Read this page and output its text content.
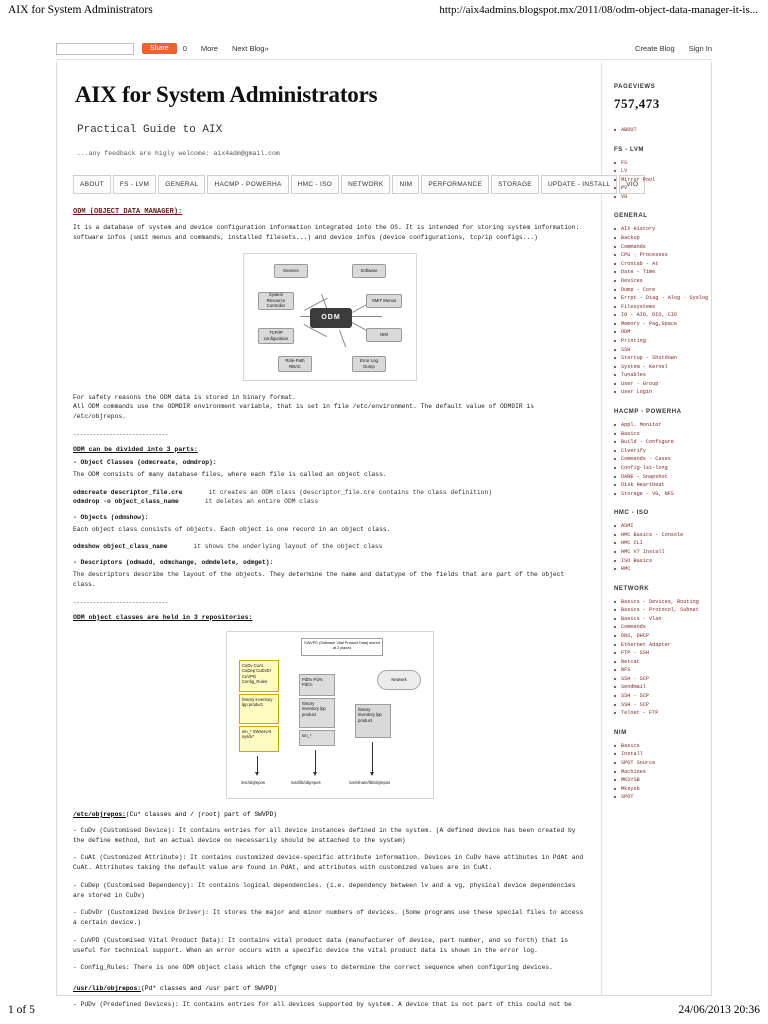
AIX for System Administrators	http://aix4admins.blogspot.mx/2011/08/odm-object-data-manager-it-is...
Share	0 More Next Blog»	Create Blog Sign In
AIX for System Administrators
Practical Guide to AIX
...any feedback are higly welcome: aix4adm@gmail.com
ABOUT	FS - LVM	GENERAL	HACMP - POWERHA	HMC - ISO	NETWORK	NIM	PERFORMANCE	STORAGE	UPDATE - INSTALL	VIO
ODM (OBJECT DATA MANAGER):

It is a database of system and device configuration information integrated into the OS. It is intended for storing system information: software infos (smit menus and commands, installed filesets...) and device infos (device configurations, tcp/ip configs...)

Devices	Software
System Resource Controller
SMIT Menus
TCP/IP configuration
NIM
Role-Path RBAC
Error Log Dump
ODM

For safety reasons the ODM data is stored in binary format.

All ODM commands use the ODMDIR environment variable, that is set in file /etc/environment. The default value of ODMDIR is /etc/objrepos.

-----------------------------
ODM can be divided into 3 parts:
- Object Classes (odmcreate, odmdrop):

The ODM consists of many database files, where each file is called an object class.

odmcreate descriptor_file.cre	it creates an ODM class (descriptor_file.cre contains the class definition)
odmdrop -o object_class_name	it deletes an entire ODM class
- Objects (odmshow):

Each object class consists of objects. Each object is one record in an object class.

odmshow object_class_name	it shows the underlying layout of the object class
- Descriptors (odmadd, odmchange, odmdelete, odmget):

The descriptors describe the layout of the objects. They determine the name and datatype of the fields that are part of the object class.

-----------------------------
ODM object classes are held in 3 repositories:
SWVPD (Software Vital Product Data) stored at 2 places
Network
CuDv CuAt CuDep CuDvDr CuVPD Config_Rules
history inventory lpp product
sm_* SWservAt sysck*
PdDv PdAt PdCn
history inventory lpp product
sm_*
history inventory lpp product
/etc/objrepos	/usr/lib/objrepos	/usr/share/lib/objrepos
/etc/objrepos:(Cu* classes and / (root) part of SWVPD)
- CuDv (Customised Device): It contains entries for all device instances defined in the system. (A defined device has been created by the define method, but an actual device no necessarily should be attached to the system)
- CuAt (Customized Attribute): It contains customized device-specific attribute information. Devices in CuDv have attibutes in PdAt and CuAt. Attributes taking the default value are found in PdAt, and attributes with customized values are in CuAt.
- CuDep (Customised Dependency): It contains logical dependencies. (i.e. dependency between lv and a vg, physical device dependencies are stored in CuDv)
- CuDvDr (Customized Device Driver): It stores the major and minor numbers of devices. (Some programs use these special files to access a certain device.)
- CuVPD (Customised Vital Product Data): It contains vital product data (manufacturer of device, part number, and so forth) that is useful for technical support. When an error occurs with a specific device the vital product data is shown in the error log.
- Config_Rules: There is one ODM object class which the cfgmgr uses to determine the correct sequence when configuring devices.
/usr/lib/objrepos:(Pd* classes and /usr part of SWVPD)
- PdDv (Predefined Devices): It contains entries for all devices supported by system. A device that is not part of this could not be
PAGEVIEWS
757,473
ABOUT
FS - LVM
FS
LV
Mirror Pool
PV
VG
GENERAL
AIX History
Backup
Commands
CPU - Processes
Crontab - At
Date - Time
Devices
Dump - Core
Errpt - Diag - Alog - Syslog
Filesystems
IO - AIO, DIO, CIO
Memory - Pag,Space
ODM
Printing
SSH
Startup - Shutdown
System - Kernel
Tunables
User - Group
User Login
HACMP - POWERHA
Appl. Monitor
Basics
Build - Configure
Clverify
Commands - Cases
Config-lst-long
DARE - Snapshot
Disk Heartbeat
Storage - VG, NFS
HMC - ISO
ASMI
HMC Basics - Console
HMC CLI
HMC V7 Install
ISO Basics
RMC
NETWORK
Basics - Devices, Routing
Basics - Protocol, Subnet
Basics - Vlan
Commands
DNS, DHCP
Ethernet Adapter
FTP - SSH
Netcat
NFS
SSH - SCP
Sendmail
SSH - SCP
SSH - SCP
Telnet - FTP
NIM
Basics
Install
SPOT Source
Machines
MKSYSB
Mksysb
SPOT
1 of 5	24/06/2013 20:36
